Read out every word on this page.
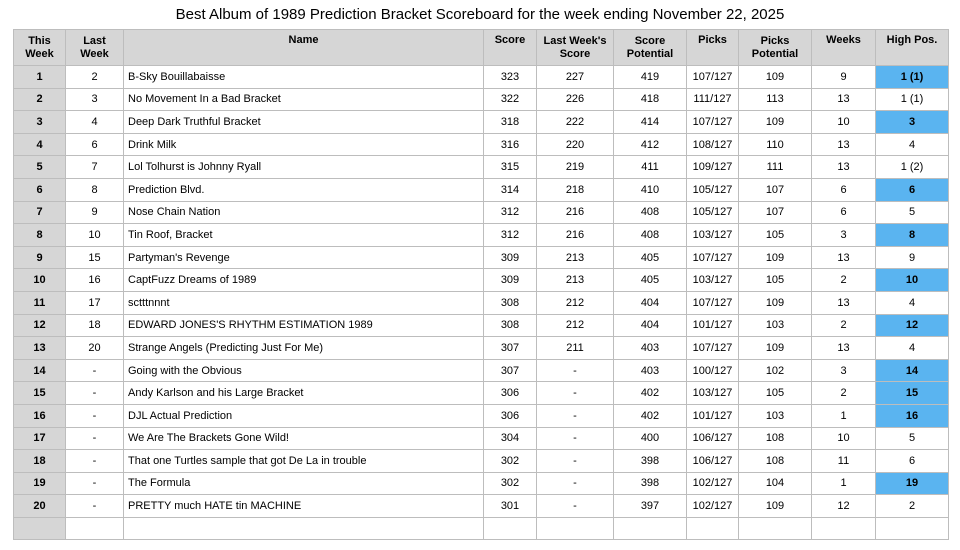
Best Album of 1989 Prediction Bracket Scoreboard for the week ending November 22, 2025
This Week	Last Week	Name	Score	Last Week's Score	Score Potential	Picks	Picks Potential	Weeks	High Pos.
1	2	B-Sky Bouillabaisse	323	227	419	107/127	109	9	1 (1)
2	3	No Movement In a Bad Bracket	322	226	418	111/127	113	13	1 (1)
3	4	Deep Dark Truthful Bracket	318	222	414	107/127	109	10	3
4	6	Drink Milk	316	220	412	108/127	110	13	4
5	7	Lol Tolhurst is Johnny Ryall	315	219	411	109/127	111	13	1 (2)
6	8	Prediction Blvd.	314	218	410	105/127	107	6	6
7	9	Nose Chain Nation	312	216	408	105/127	107	6	5
8	10	Tin Roof, Bracket	312	216	408	103/127	105	3	8
9	15	Partyman's Revenge	309	213	405	107/127	109	13	9
10	16	CaptFuzz Dreams of 1989	309	213	405	103/127	105	2	10
11	17	sctttnnnt	308	212	404	107/127	109	13	4
12	18	EDWARD JONES'S RHYTHM ESTIMATION 1989	308	212	404	101/127	103	2	12
13	20	Strange Angels (Predicting Just For Me)	307	211	403	107/127	109	13	4
14	-	Going with the Obvious	307	-	403	100/127	102	3	14
15	-	Andy Karlson and his Large Bracket	306	-	402	103/127	105	2	15
16	-	DJL Actual Prediction	306	-	402	101/127	103	1	16
17	-	We Are The Brackets Gone Wild!	304	-	400	106/127	108	10	5
18	-	That one Turtles sample that got De La in trouble	302	-	398	106/127	108	11	6
19	-	The Formula	302	-	398	102/127	104	1	19
20	-	PRETTY much HATE tin MACHINE	301	-	397	102/127	109	12	2
